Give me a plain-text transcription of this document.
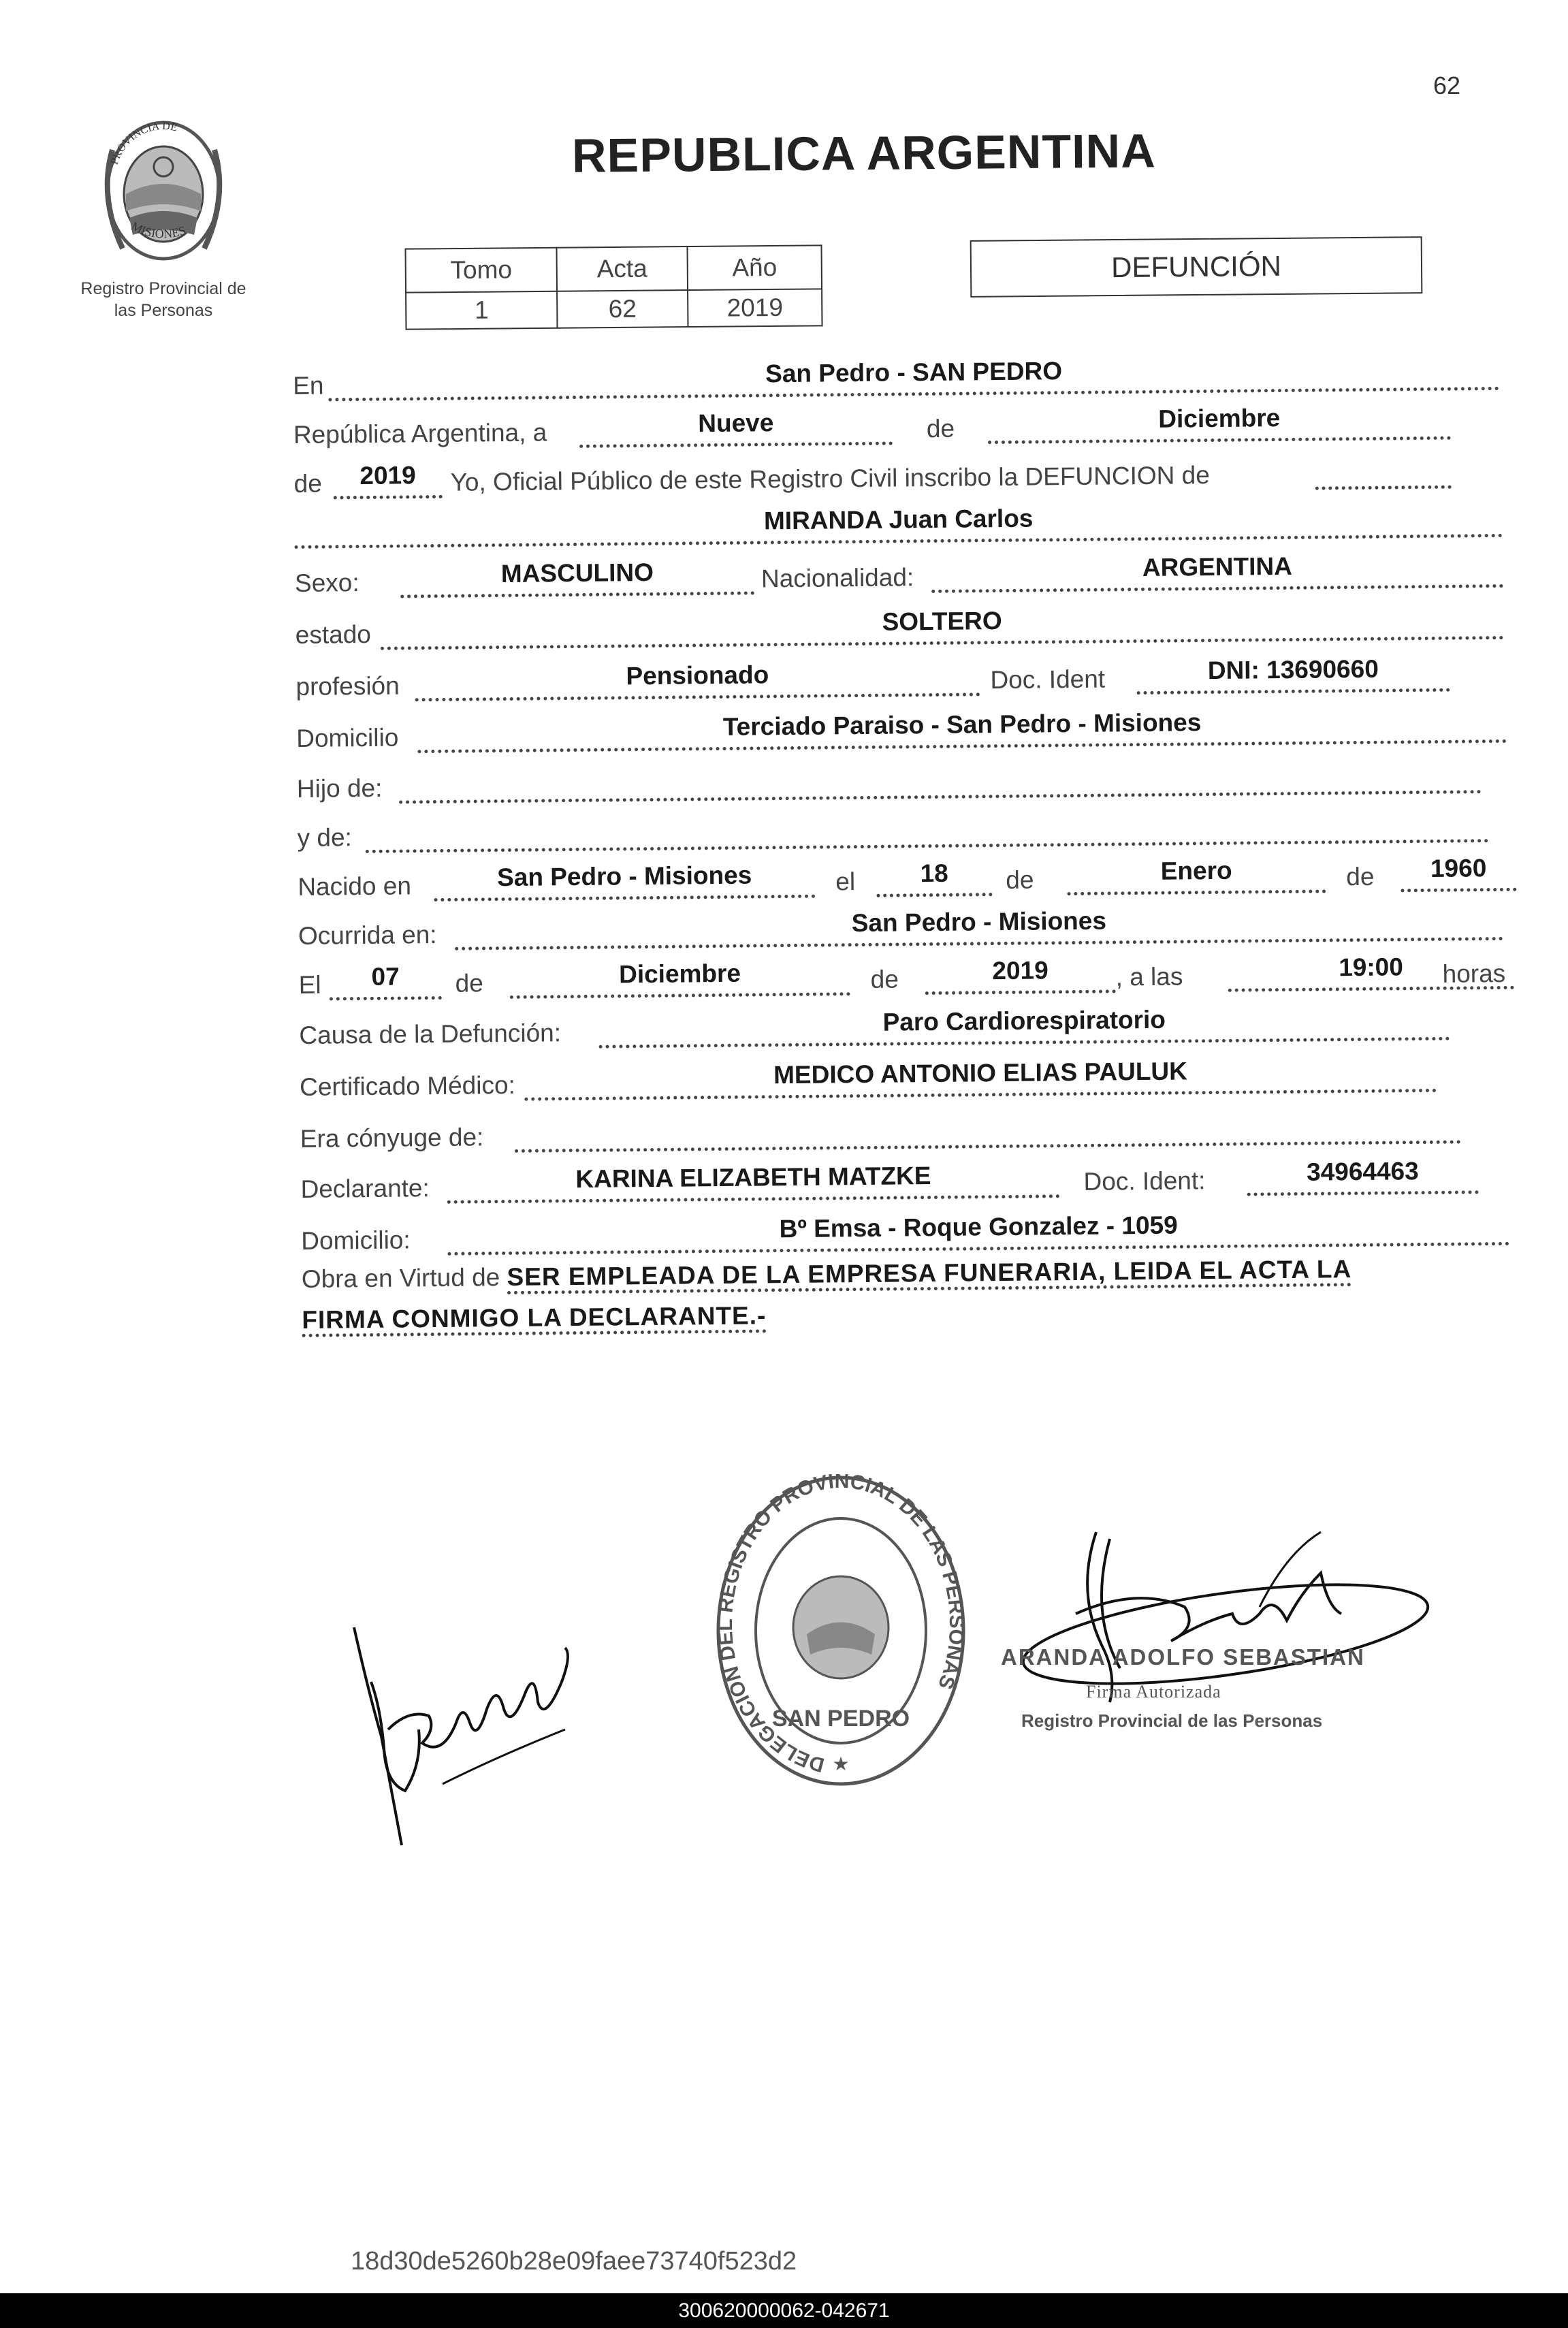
62
PROVINCIA DE
MISIONES
Registro Provincial de
las Personas
REPUBLICA ARGENTINA
Tomo	Acta	Año
1	62	2019
DEFUNCIÓN
En	San Pedro - SAN PEDRO
República Argentina, a	Nueve	de	Diciembre
de	2019	Yo, Oficial Público de este Registro Civil inscribo la DEFUNCION de
MIRANDA Juan Carlos
Sexo:	MASCULINO	Nacionalidad:	ARGENTINA
estado	SOLTERO
profesión	Pensionado	Doc. Ident	DNI: 13690660
Domicilio	Terciado Paraiso - San Pedro - Misiones
Hijo de:
y de:
Nacido en	San Pedro - Misiones	el	18	de	Enero	de	1960
Ocurrida en:	San Pedro - Misiones
El	07	de	Diciembre	de	2019	, a las	19:00	horas
Causa de la Defunción:	Paro Cardiorespiratorio
Certificado Médico:	MEDICO ANTONIO ELIAS PAULUK
Era cónyuge de:
Declarante:	KARINA ELIZABETH MATZKE	Doc. Ident:	34964463
Domicilio:	Bº Emsa - Roque Gonzalez - 1059
Obra en Virtud de SER EMPLEADA DE LA EMPRESA FUNERARIA, LEIDA EL ACTA LA
FIRMA CONMIGO LA DECLARANTE.-
DELEGACION DEL REGISTRO PROVINCIAL DE LAS PERSONAS
SAN PEDRO
★
ARANDA ADOLFO SEBASTIAN
Firma Autorizada
Registro Provincial de las Personas
18d30de5260b28e09faee73740f523d2
300620000062-042671
